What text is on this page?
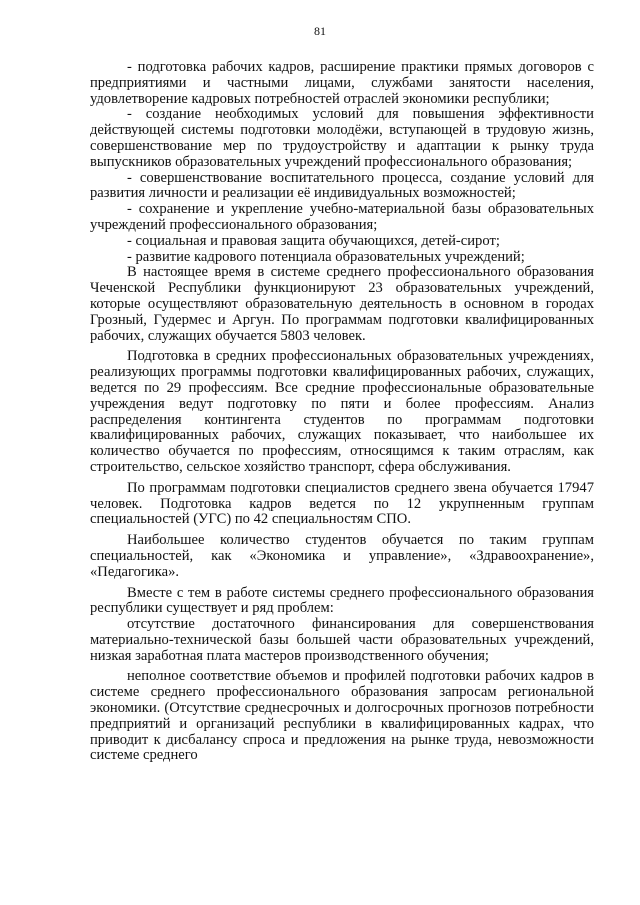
81

- подготовка рабочих кадров, расширение практики прямых договоров с предприятиями и частными лицами, службами занятости населения, удовлетворение кадровых потребностей отраслей экономики республики;

- создание необходимых условий для повышения эффективности действующей системы подготовки молодёжи, вступающей в трудовую жизнь, совершенствование мер по трудоустройству и адаптации к рынку труда выпускников образовательных учреждений профессионального образования;

- совершенствование воспитательного процесса, создание условий для развития личности и реализации её индивидуальных возможностей;

- сохранение и укрепление учебно-материальной базы образовательных учреждений профессионального образования;

- социальная и правовая защита обучающихся, детей-сирот;

- развитие кадрового потенциала образовательных учреждений;

В настоящее время в системе среднего профессионального образования Чеченской Республики функционируют 23 образовательных учреждений, которые осуществляют образовательную деятельность в основном в городах Грозный, Гудермес и Аргун. По программам подготовки квалифицированных рабочих, служащих обучается 5803 человек.

Подготовка в средних профессиональных образовательных учреждениях, реализующих программы подготовки квалифицированных рабочих, служащих, ведется по 29 профессиям. Все средние профессиональные образовательные учреждения ведут подготовку по пяти и более профессиям. Анализ распределения контингента студентов по программам подготовки квалифицированных рабочих, служащих показывает, что наибольшее их количество обучается по профессиям, относящимся к таким отраслям, как строительство, сельское хозяйство транспорт, сфера обслуживания.

По программам подготовки специалистов среднего звена обучается 17947 человек. Подготовка кадров ведется по 12 укрупненным группам специальностей (УГС) по 42 специальностям СПО.

Наибольшее количество студентов обучается по таким группам специальностей, как «Экономика и управление», «Здравоохранение», «Педагогика».

Вместе с тем в работе системы среднего профессионального образования республики существует и ряд проблем:

отсутствие достаточного финансирования для совершенствования материально-технической базы большей части образовательных учреждений, низкая заработная плата мастеров производственного обучения;

неполное соответствие объемов и профилей подготовки рабочих кадров в системе среднего профессионального образования запросам региональной экономики. (Отсутствие среднесрочных и долгосрочных прогнозов потребности предприятий и организаций республики в квалифицированных кадрах, что приводит к дисбалансу спроса и предложения на рынке труда, невозможности системе среднего
